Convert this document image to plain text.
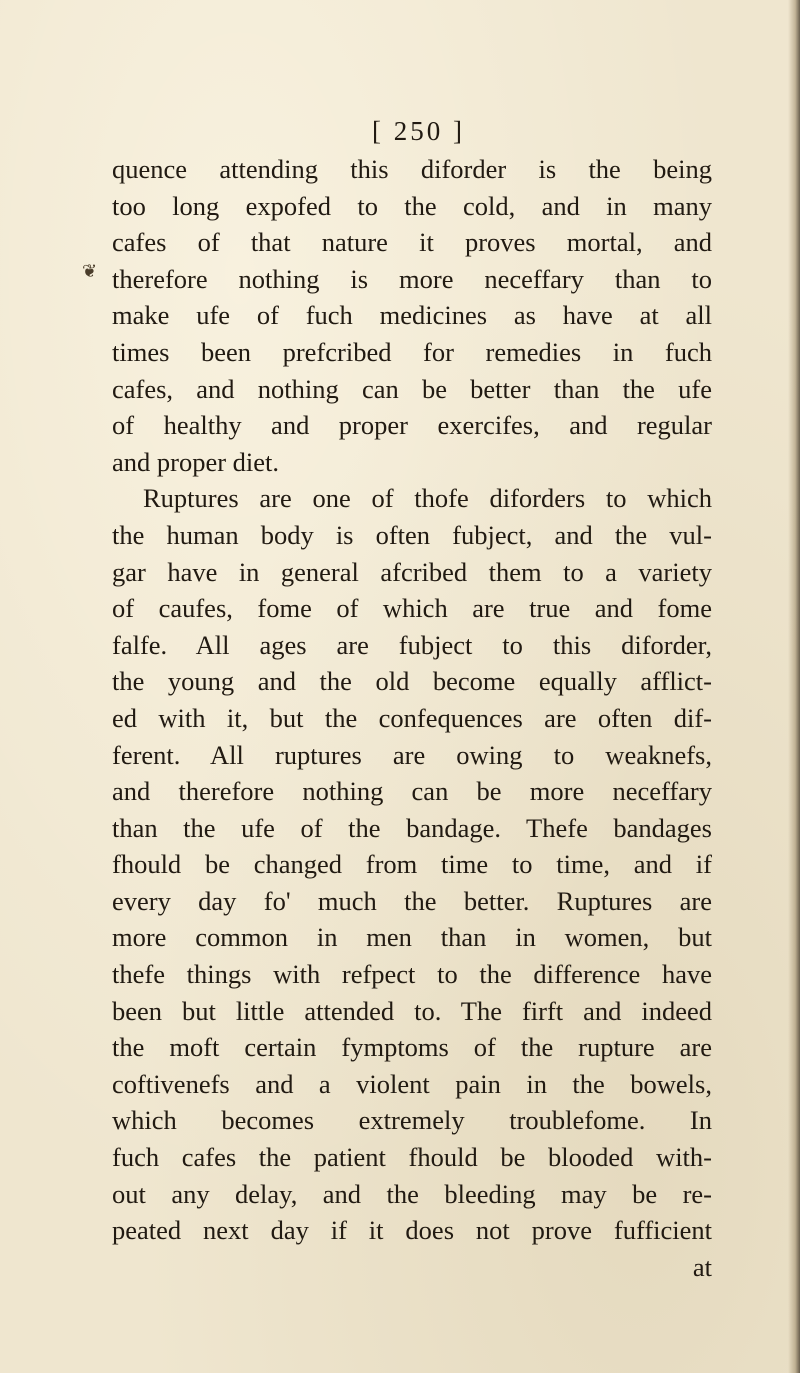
[ 250 ]
❦
quence attending this diforder is the being
too long expofed to the cold, and in many
cafes of that nature it proves mortal, and
therefore nothing is more neceffary than to
make ufe of fuch medicines as have at all
times been prefcribed for remedies in fuch
cafes, and nothing can be better than the ufe
of healthy and proper exercifes, and regular
and proper diet.
Ruptures are one of thofe diforders to which
the human body is often fubject, and the vul-
gar have in general afcribed them to a variety
of caufes, fome of which are true and fome
falfe. All ages are fubject to this diforder,
the young and the old become equally afflict-
ed with it, but the confequences are often dif-
ferent. All ruptures are owing to weaknefs,
and therefore nothing can be more neceffary
than the ufe of the bandage. Thefe bandages
fhould be changed from time to time, and if
every day fo' much the better. Ruptures are
more common in men than in women, but
thefe things with refpect to the difference have
been but little attended to. The firft and indeed
the moft certain fymptoms of the rupture are
coftivenefs and a violent pain in the bowels,
which becomes extremely troublefome. In
fuch cafes the patient fhould be blooded with-
out any delay, and the bleeding may be re-
peated next day if it does not prove fufficient
at
